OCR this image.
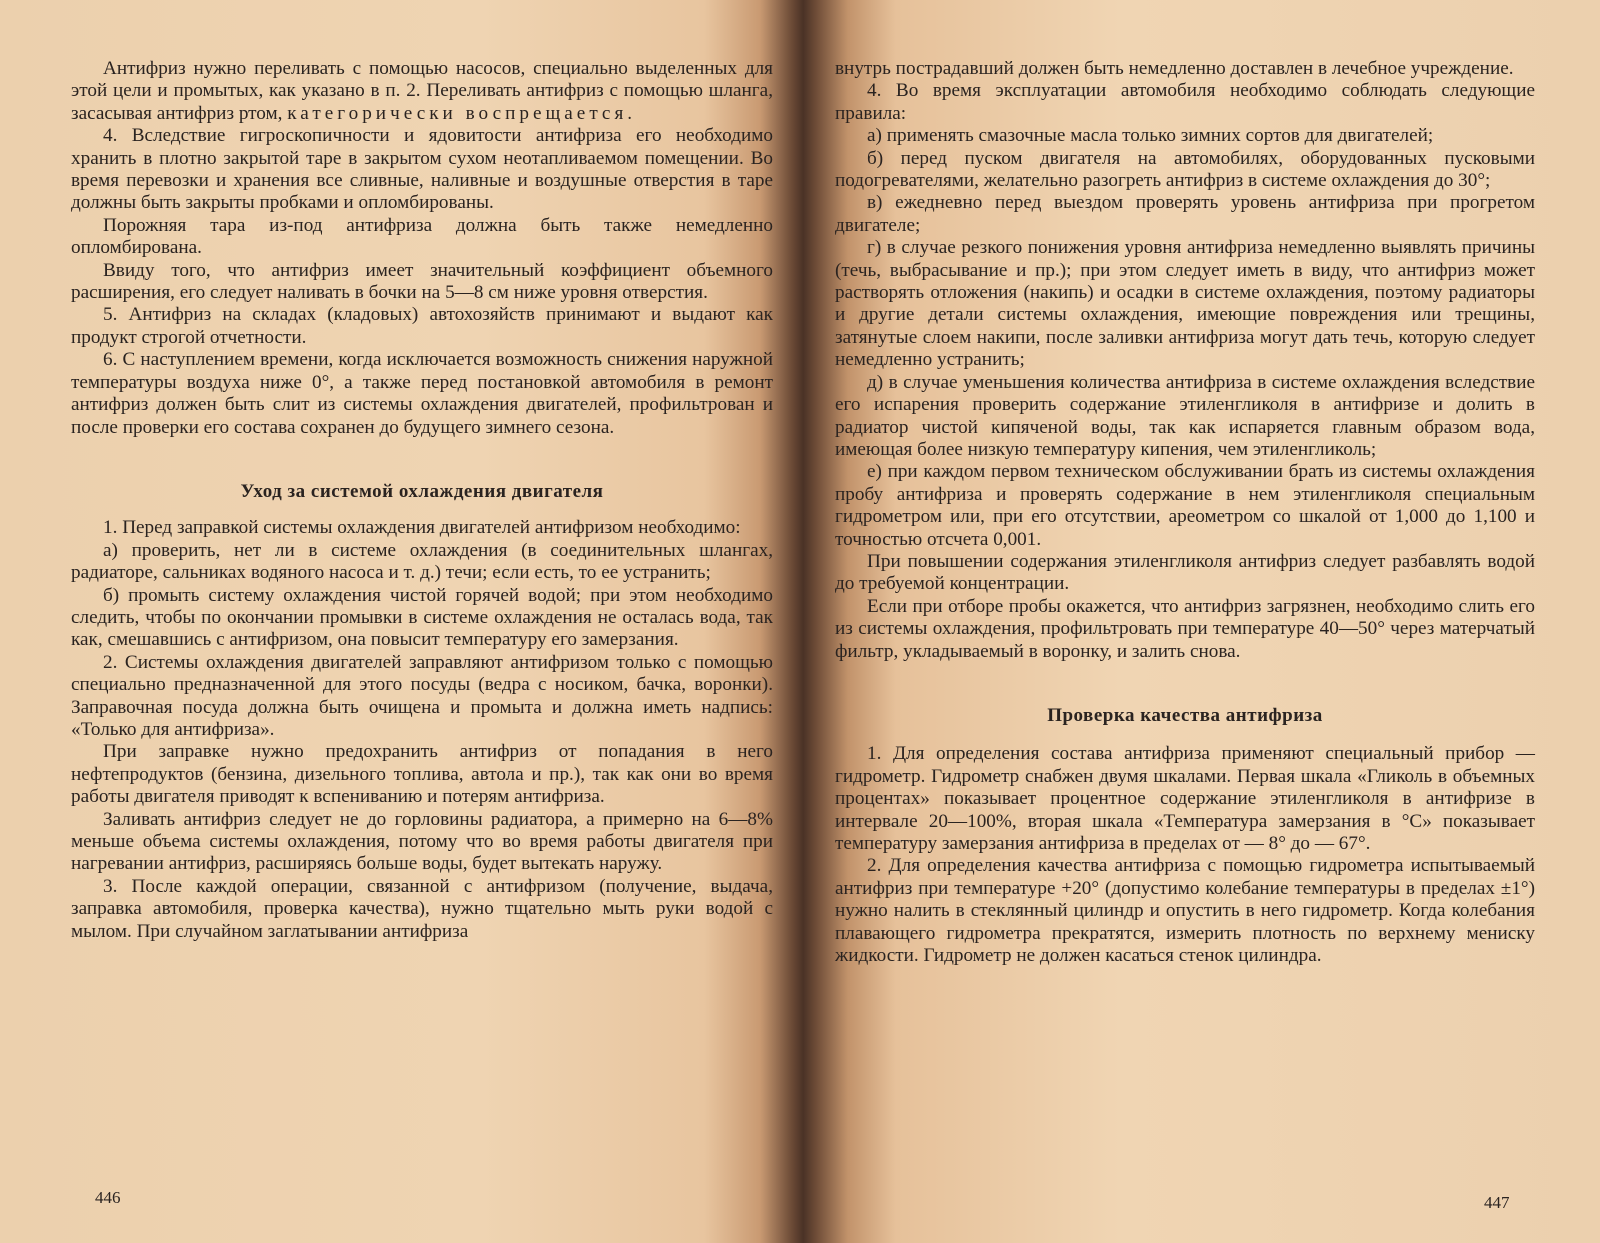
Антифриз нужно переливать с помощью насосов, специально выделенных для этой цели и промытых, как указано в п. 2. Переливать антифриз с помощью шланга, засасывая антифриз ртом, категорически воспрещается.

4. Вследствие гигроскопичности и ядовитости антифриза его необходимо хранить в плотно закрытой таре в закрытом сухом неотапливаемом помещении. Во время перевозки и хранения все сливные, наливные и воздушные отверстия в таре должны быть закрыты пробками и опломбированы.

Порожняя тара из-под антифриза должна быть также немедленно опломбирована.

Ввиду того, что антифриз имеет значительный коэффициент объемного расширения, его следует наливать в бочки на 5—8 см ниже уровня отверстия.

5. Антифриз на складах (кладовых) автохозяйств принимают и выдают как продукт строгой отчетности.

6. С наступлением времени, когда исключается возможность снижения наружной температуры воздуха ниже 0°, а также перед постановкой автомобиля в ремонт антифриз должен быть слит из системы охлаждения двигателей, профильтрован и после проверки его состава сохранен до будущего зимнего сезона.

Уход за системой охлаждения двигателя

1. Перед заправкой системы охлаждения двигателей антифризом необходимо:

а) проверить, нет ли в системе охлаждения (в соединительных шлангах, радиаторе, сальниках водяного насоса и т. д.) течи; если есть, то ее устранить;

б) промыть систему охлаждения чистой горячей водой; при этом необходимо следить, чтобы по окончании промывки в системе охлаждения не осталась вода, так как, смешавшись с антифризом, она повысит температуру его замерзания.

2. Системы охлаждения двигателей заправляют антифризом только с помощью специально предназначенной для этого посуды (ведра с носиком, бачка, воронки). Заправочная посуда должна быть очищена и промыта и должна иметь надпись: «Только для антифриза».

При заправке нужно предохранить антифриз от попадания в него нефтепродуктов (бензина, дизельного топлива, автола и пр.), так как они во время работы двигателя приводят к вспениванию и потерям антифриза.

Заливать антифриз следует не до горловины радиатора, а примерно на 6—8% меньше объема системы охлаждения, потому что во время работы двигателя при нагревании антифриз, расширяясь больше воды, будет вытекать наружу.

3. После каждой операции, связанной с антифризом (получение, выдача, заправка автомобиля, проверка качества), нужно тщательно мыть руки водой с мылом. При случайном заглатывании антифриза

446

внутрь пострадавший должен быть немедленно доставлен в лечебное учреждение.

4. Во время эксплуатации автомобиля необходимо соблюдать следующие правила:

а) применять смазочные масла только зимних сортов для двигателей;

б) перед пуском двигателя на автомобилях, оборудованных пусковыми подогревателями, желательно разогреть антифриз в системе охлаждения до 30°;

в) ежедневно перед выездом проверять уровень антифриза при прогретом двигателе;

г) в случае резкого понижения уровня антифриза немедленно выявлять причины (течь, выбрасывание и пр.); при этом следует иметь в виду, что антифриз может растворять отложения (накипь) и осадки в системе охлаждения, поэтому радиаторы и другие детали системы охлаждения, имеющие повреждения или трещины, затянутые слоем накипи, после заливки антифриза могут дать течь, которую следует немедленно устранить;

д) в случае уменьшения количества антифриза в системе охлаждения вследствие его испарения проверить содержание этиленгликоля в антифризе и долить в радиатор чистой кипяченой воды, так как испаряется главным образом вода, имеющая более низкую температуру кипения, чем этиленгликоль;

е) при каждом первом техническом обслуживании брать из системы охлаждения пробу антифриза и проверять содержание в нем этиленгликоля специальным гидрометром или, при его отсутствии, ареометром со шкалой от 1,000 до 1,100 и точностью отсчета 0,001.

При повышении содержания этиленгликоля антифриз следует разбавлять водой до требуемой концентрации.

Если при отборе пробы окажется, что антифриз загрязнен, необходимо слить его из системы охлаждения, профильтровать при температуре 40—50° через матерчатый фильтр, укладываемый в воронку, и залить снова.

Проверка качества антифриза

1. Для определения состава антифриза применяют специальный прибор — гидрометр. Гидрометр снабжен двумя шкалами. Первая шкала «Гликоль в объемных процентах» показывает процентное содержание этиленгликоля в антифризе в интервале 20—100%, вторая шкала «Температура замерзания в °С» показывает температуру замерзания антифриза в пределах от — 8° до — 67°.

2. Для определения качества антифриза с помощью гидрометра испытываемый антифриз при температуре +20° (допустимо колебание температуры в пределах ±1°) нужно налить в стеклянный цилиндр и опустить в него гидрометр. Когда колебания плавающего гидрометра прекратятся, измерить плотность по верхнему мениску жидкости. Гидрометр не должен касаться стенок цилиндра.

447
